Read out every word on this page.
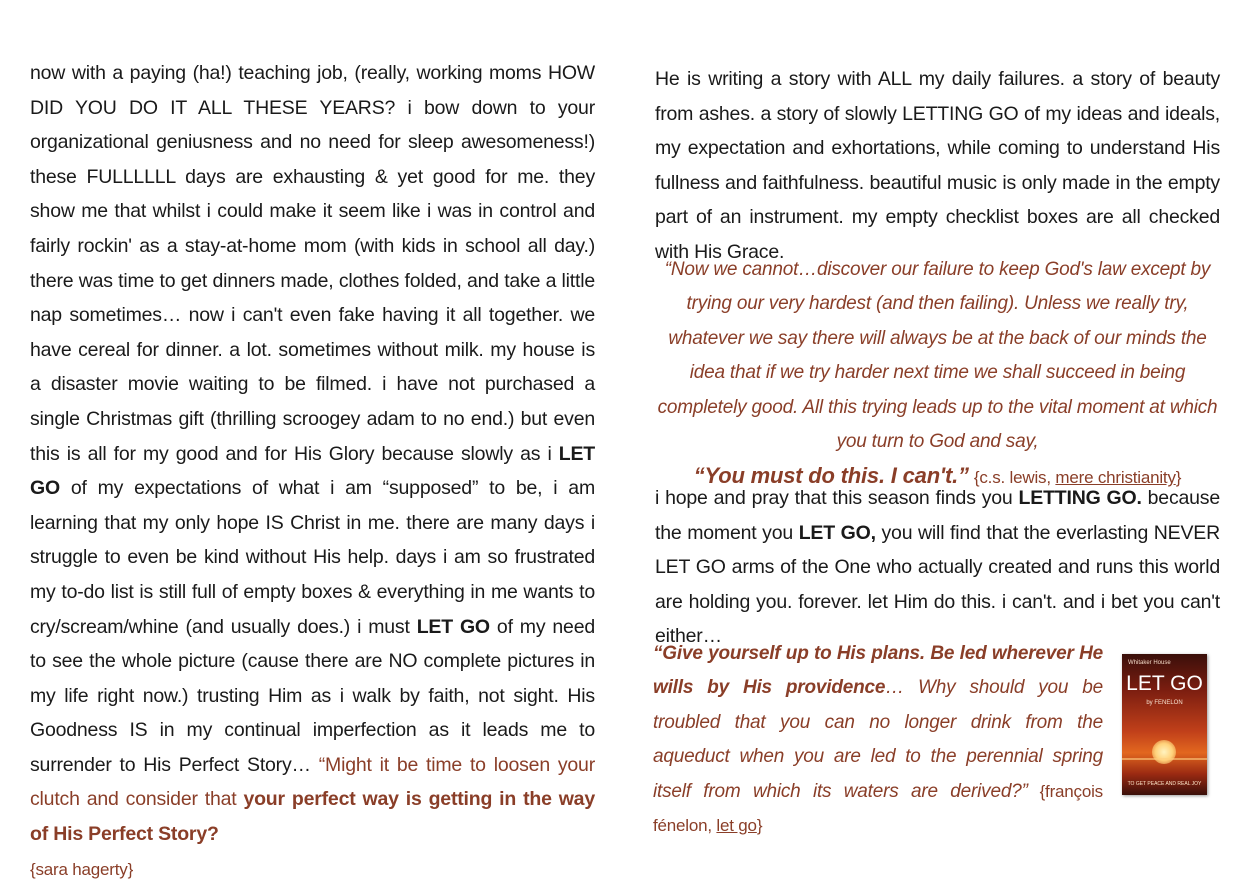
now with a paying (ha!) teaching job, (really, working moms HOW DID YOU DO IT ALL THESE YEARS? i bow down to your organizational geniusness and no need for sleep awesomeness!) these FULLLLLL days are exhausting & yet good for me. they show me that whilst i could make it seem like i was in control and fairly rockin' as a stay-at-home mom (with kids in school all day.) there was time to get dinners made, clothes folded, and take a little nap sometimes… now i can't even fake having it all together. we have cereal for dinner. a lot. sometimes without milk. my house is a disaster movie waiting to be filmed. i have not purchased a single Christmas gift (thrilling scroogey adam to no end.) but even this is all for my good and for His Glory because slowly as i LET GO of my expectations of what i am “supposed” to be, i am learning that my only hope IS Christ in me. there are many days i struggle to even be kind without His help. days i am so frustrated my to-do list is still full of empty boxes & everything in me wants to cry/scream/whine (and usually does.) i must LET GO of my need to see the whole picture (cause there are NO complete pictures in my life right now.) trusting Him as i walk by faith, not sight. His Goodness IS in my continual imperfection as it leads me to surrender to His Perfect Story… “Might it be time to loosen your clutch and consider that your perfect way is getting in the way of His Perfect Story?
{sara hagerty}
He is writing a story with ALL my daily failures. a story of beauty from ashes. a story of slowly LETTING GO of my ideas and ideals, my expectation and exhortations, while coming to understand His fullness and faithfulness. beautiful music is only made in the empty part of an instrument. my empty checklist boxes are all checked with His Grace.
“Now we cannot…discover our failure to keep God's law except by trying our very hardest (and then failing). Unless we really try, whatever we say there will always be at the back of our minds the idea that if we try harder next time we shall succeed in being completely good. All this trying leads up to the vital moment at which you turn to God and say,
“You must do this. I can't.” {c.s. lewis, mere christianity}
i hope and pray that this season finds you LETTING GO. because the moment you LET GO, you will find that the everlasting NEVER LET GO arms of the One who actually created and runs this world are holding you. forever. let Him do this. i can't. and i bet you can't either…
“Give yourself up to His plans. Be led wherever He wills by His providence… Why should you be troubled that you can no longer drink from the aqueduct when you are led to the perennial spring itself from which its waters are derived?” {françois fénelon, let go}
Whitaker House
LET GO
by FENELON
TO GET PEACE AND REAL JOY
